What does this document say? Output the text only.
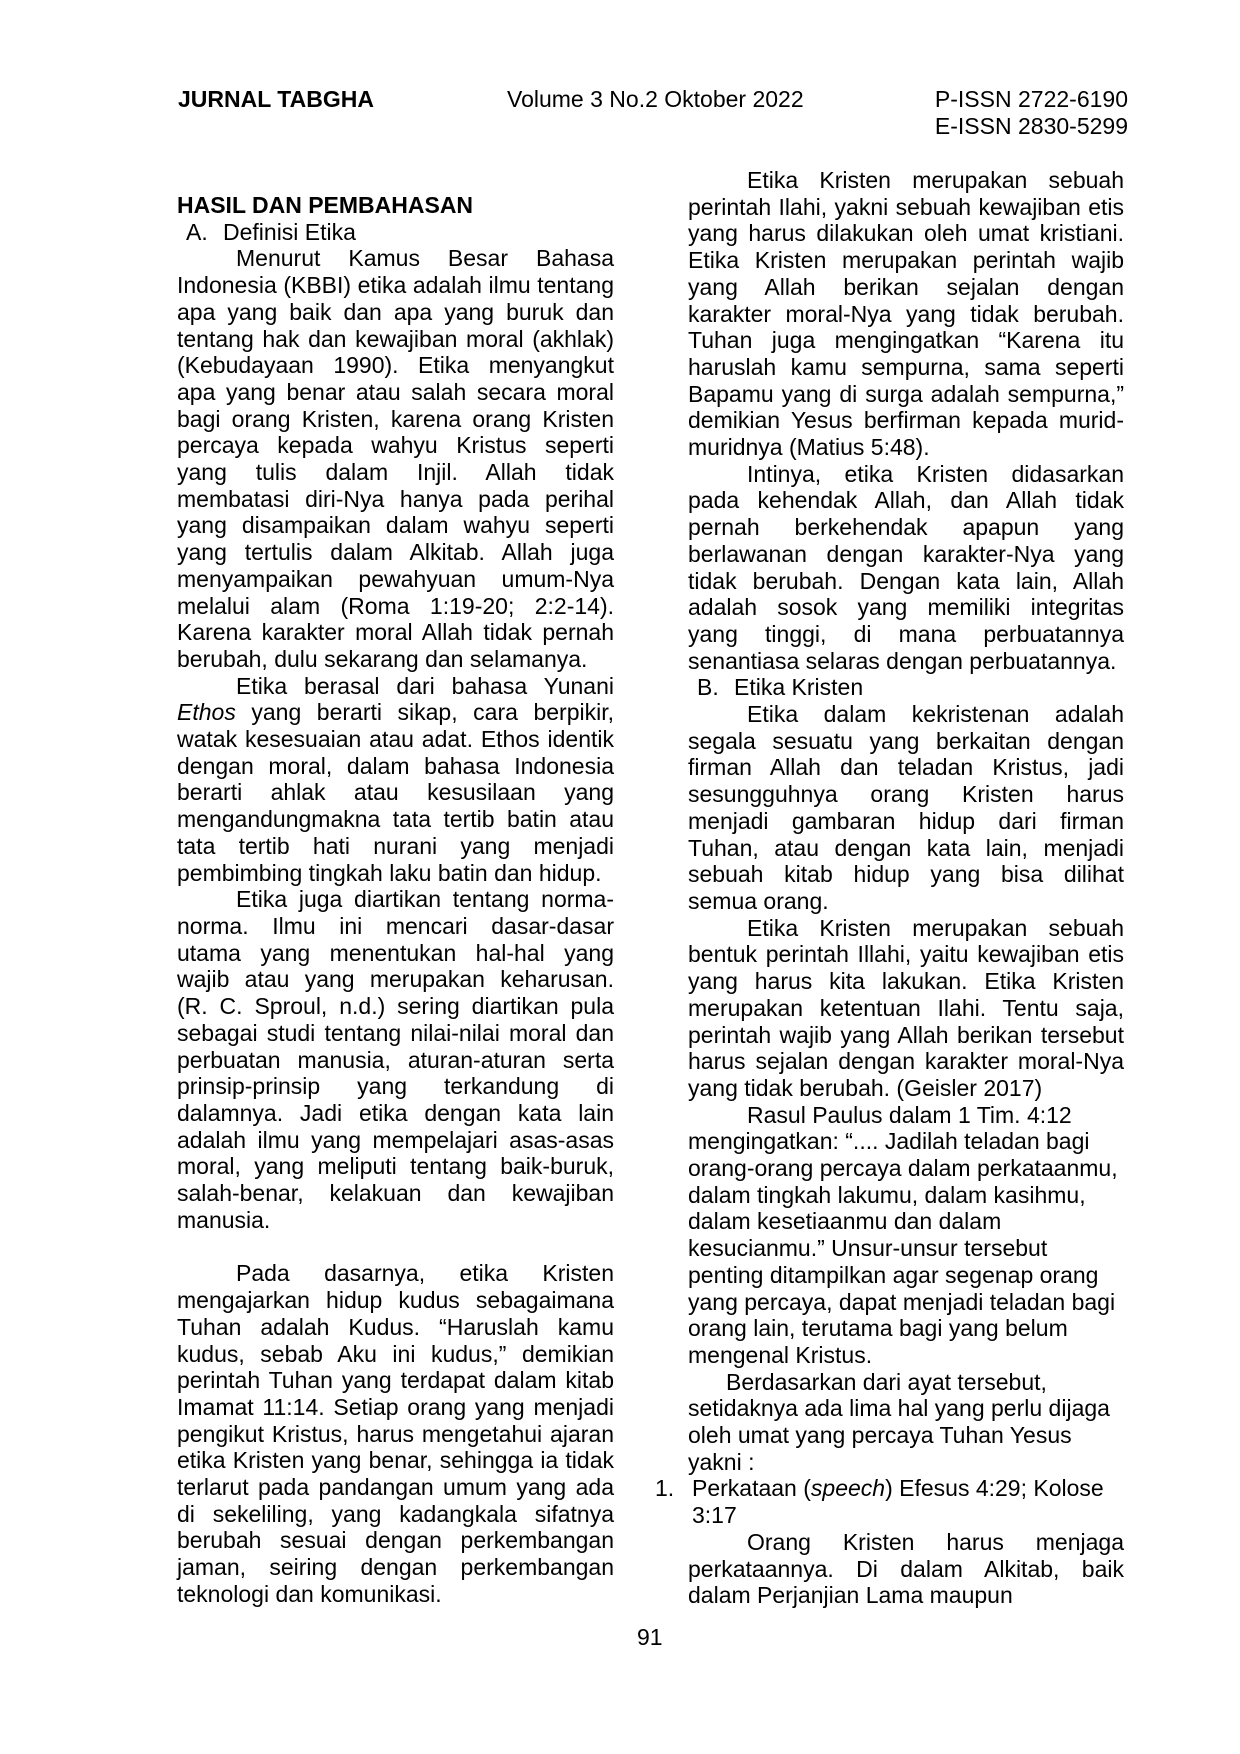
JURNAL TABGHA	Volume 3 No.2 Oktober 2022	P-ISSN 2722-6190
E-ISSN 2830-5299

HASIL DAN PEMBAHASAN

A. Definisi Etika

Menurut Kamus Besar Bahasa Indonesia (KBBI) etika adalah ilmu tentang apa yang baik dan apa yang buruk dan tentang hak dan kewajiban moral (akhlak) (Kebudayaan 1990). Etika menyangkut apa yang benar atau salah secara moral bagi orang Kristen, karena orang Kristen percaya kepada wahyu Kristus seperti yang tulis dalam Injil. Allah tidak membatasi diri-Nya hanya pada perihal yang disampaikan dalam wahyu seperti yang tertulis dalam Alkitab. Allah juga menyampaikan pewahyuan umum-Nya melalui alam (Roma 1:19-20; 2:2-14). Karena karakter moral Allah tidak pernah berubah, dulu sekarang dan selamanya.

Etika berasal dari bahasa Yunani Ethos yang berarti sikap, cara berpikir, watak kesesuaian atau adat. Ethos identik dengan moral, dalam bahasa Indonesia berarti ahlak atau kesusilaan yang mengandungmakna tata tertib batin atau tata tertib hati nurani yang menjadi pembimbing tingkah laku batin dan hidup.

Etika juga diartikan tentang norma-norma. Ilmu ini mencari dasar-dasar utama yang menentukan hal-hal yang wajib atau yang merupakan keharusan. (R. C. Sproul, n.d.) sering diartikan pula sebagai studi tentang nilai-nilai moral dan perbuatan manusia, aturan-aturan serta prinsip-prinsip yang terkandung di dalamnya. Jadi etika dengan kata lain adalah ilmu yang mempelajari asas-asas moral, yang meliputi tentang baik-buruk, salah-benar, kelakuan dan kewajiban manusia.

Pada dasarnya, etika Kristen mengajarkan hidup kudus sebagaimana Tuhan adalah Kudus. “Haruslah kamu kudus, sebab Aku ini kudus,” demikian perintah Tuhan yang terdapat dalam kitab Imamat 11:14. Setiap orang yang menjadi pengikut Kristus, harus mengetahui ajaran etika Kristen yang benar, sehingga ia tidak terlarut pada pandangan umum yang ada di sekeliling, yang kadangkala sifatnya berubah sesuai dengan perkembangan jaman, seiring dengan perkembangan teknologi dan komunikasi.

Etika Kristen merupakan sebuah perintah Ilahi, yakni sebuah kewajiban etis yang harus dilakukan oleh umat kristiani. Etika Kristen merupakan perintah wajib yang Allah berikan sejalan dengan karakter moral-Nya yang tidak berubah. Tuhan juga mengingatkan “Karena itu haruslah kamu sempurna, sama seperti Bapamu yang di surga adalah sempurna,” demikian Yesus berfirman kepada murid-muridnya (Matius 5:48).

Intinya, etika Kristen didasarkan pada kehendak Allah, dan Allah tidak pernah berkehendak apapun yang berlawanan dengan karakter-Nya yang tidak berubah. Dengan kata lain, Allah adalah sosok yang memiliki integritas yang tinggi, di mana perbuatannya senantiasa selaras dengan perbuatannya.

B. Etika Kristen

Etika dalam kekristenan adalah segala sesuatu yang berkaitan dengan firman Allah dan teladan Kristus, jadi sesungguhnya orang Kristen harus menjadi gambaran hidup dari firman Tuhan, atau dengan kata lain, menjadi sebuah kitab hidup yang bisa dilihat semua orang.

Etika Kristen merupakan sebuah bentuk perintah Illahi, yaitu kewajiban etis yang harus kita lakukan. Etika Kristen merupakan ketentuan Ilahi. Tentu saja, perintah wajib yang Allah berikan tersebut harus sejalan dengan karakter moral-Nya yang tidak berubah. (Geisler 2017)

Rasul Paulus dalam 1 Tim. 4:12 mengingatkan: “.... Jadilah teladan bagi orang-orang percaya dalam perkataanmu, dalam tingkah lakumu, dalam kasihmu, dalam kesetiaanmu dan dalam kesucianmu.” Unsur-unsur tersebut penting ditampilkan agar segenap orang yang percaya, dapat menjadi teladan bagi orang lain, terutama bagi yang belum mengenal Kristus.

Berdasarkan dari ayat tersebut, setidaknya ada lima hal yang perlu dijaga oleh umat yang percaya Tuhan Yesus yakni :

1. Perkataan (speech) Efesus 4:29; Kolose 3:17

Orang Kristen harus menjaga perkataannya. Di dalam Alkitab, baik dalam Perjanjian Lama maupun

91
